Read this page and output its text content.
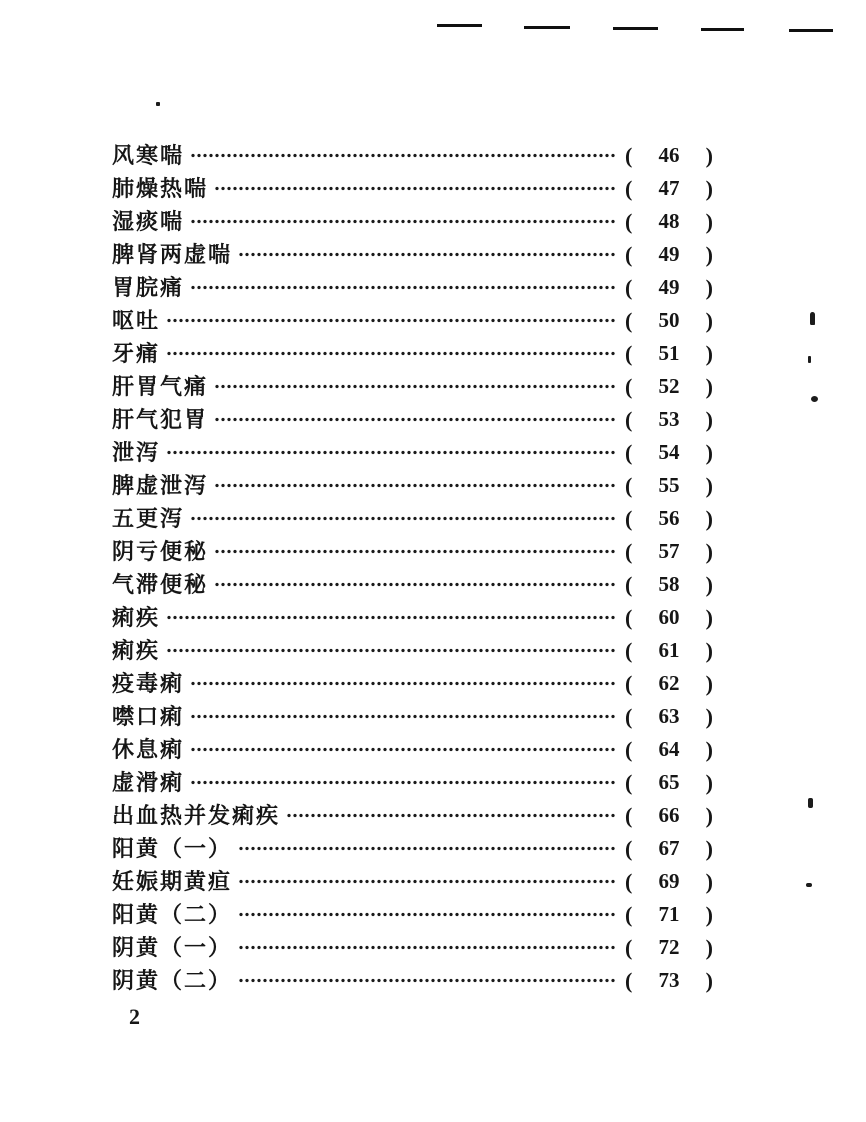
风寒喘	( 46 )
肺燥热喘	( 47 )
湿痰喘	( 48 )
脾肾两虚喘	( 49 )
胃脘痛	( 49 )
呕吐	( 50 )
牙痛	( 51 )
肝胃气痛	( 52 )
肝气犯胃	( 53 )
泄泻	( 54 )
脾虚泄泻	( 55 )
五更泻	( 56 )
阴亏便秘	( 57 )
气滞便秘	( 58 )
痢疾	( 60 )
痢疾	( 61 )
疫毒痢	( 62 )
噤口痢	( 63 )
休息痢	( 64 )
虚滑痢	( 65 )
出血热并发痢疾	( 66 )
阳黄（一）	( 67 )
妊娠期黄疸	( 69 )
阳黄（二）	( 71 )
阴黄（一）	( 72 )
阴黄（二）	( 73 )
2
